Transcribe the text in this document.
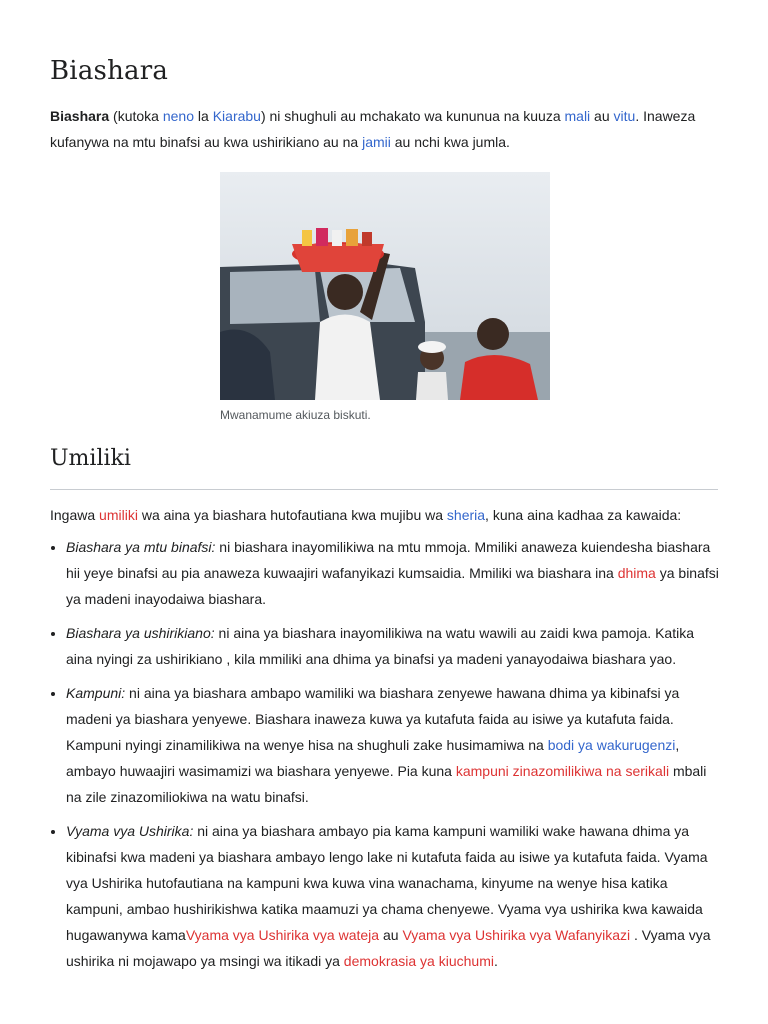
Biashara

Biashara (kutoka neno la Kiarabu) ni shughuli au mchakato wa kununua na kuuza mali au vitu. Inaweza kufanywa na mtu binafsi au kwa ushirikiano au na jamii au nchi kwa jumla.

Mwanamume akiuza biskuti.
Umiliki

Ingawa umiliki wa aina ya biashara hutofautiana kwa mujibu wa sheria, kuna aina kadhaa za kawaida:

• Biashara ya mtu binafsi: ni biashara inayomilikiwa na mtu mmoja. Mmiliki anaweza kuiendesha biashara hii yeye binafsi au pia anaweza kuwaajiri wafanyikazi kumsaidia. Mmiliki wa biashara ina dhima ya binafsi ya madeni inayodaiwa biashara.
• Biashara ya ushirikiano: ni aina ya biashara inayomilikiwa na watu wawili au zaidi kwa pamoja. Katika aina nyingi za ushirikiano , kila mmiliki ana dhima ya binafsi ya madeni yanayodaiwa biashara yao.
• Kampuni: ni aina ya biashara ambapo wamiliki wa biashara zenyewe hawana dhima ya kibinafsi ya madeni ya biashara yenyewe. Biashara inaweza kuwa ya kutafuta faida au isiwe ya kutafuta faida. Kampuni nyingi zinamilikiwa na wenye hisa na shughuli zake husimamiwa na bodi ya wakurugenzi, ambayo huwaajiri wasimamizi wa biashara yenyewe. Pia kuna kampuni zinazomilikiwa na serikali mbali na zile zinazomiliokiwa na watu binafsi.
• Vyama vya Ushirika: ni aina ya biashara ambayo pia kama kampuni wamiliki wake hawana dhima ya kibinafsi kwa madeni ya biashara ambayo lengo lake ni kutafuta faida au isiwe ya kutafuta faida. Vyama vya Ushirika hutofautiana na kampuni kwa kuwa vina wanachama, kinyume na wenye hisa katika kampuni, ambao hushirikishwa katika maamuzi ya chama chenyewe. Vyama vya ushirika kwa kawaida hugawanywa kamaVyama vya Ushirika vya wateja au Vyama vya Ushirika vya Wafanyikazi . Vyama vya ushirika ni mojawapo ya msingi wa itikadi ya demokrasia ya kiuchumi.
